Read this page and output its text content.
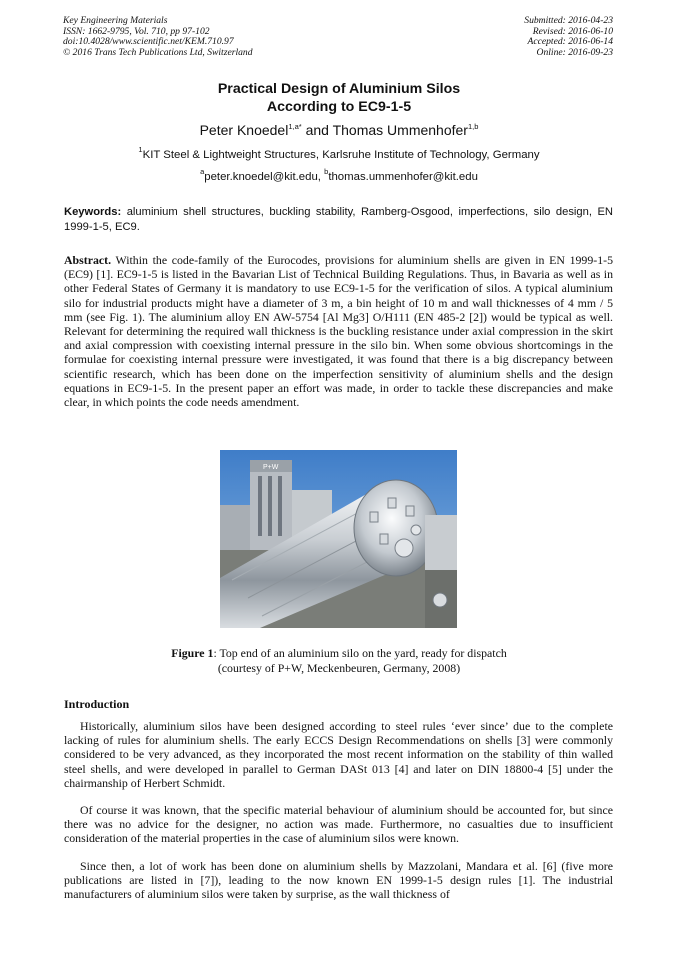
Key Engineering Materials
ISSN: 1662-9795, Vol. 710, pp 97-102
doi:10.4028/www.scientific.net/KEM.710.97
© 2016 Trans Tech Publications Ltd, Switzerland
Submitted: 2016-04-23
Revised: 2016-06-10
Accepted: 2016-06-14
Online: 2016-09-23
Practical Design of Aluminium Silos
According to EC9-1-5
Peter Knoedel$^{1,a*}$ and Thomas Ummenhofer$^{1,b}$
$^1$KIT Steel & Lightweight Structures, Karlsruhe Institute of Technology, Germany
$^a$peter.knoedel@kit.edu, $^b$thomas.ummenhofer@kit.edu
Keywords: aluminium shell structures, buckling stability, Ramberg-Osgood, imperfections, silo design, EN 1999-1-5, EC9.
Abstract. Within the code-family of the Eurocodes, provisions for aluminium shells are given in EN 1999-1-5 (EC9) [1]. EC9-1-5 is listed in the Bavarian List of Technical Building Regulations. Thus, in Bavaria as well as in other Federal States of Germany it is mandatory to use EC9-1-5 for the verification of silos. A typical aluminium silo for industrial products might have a diameter of 3 m, a bin height of 10 m and wall thicknesses of 4 mm / 5 mm (see Fig. 1). The aluminium alloy EN AW-5754 [Al Mg3] O/H111 (EN 485-2 [2]) would be typical as well. Relevant for determining the required wall thickness is the buckling resistance under axial compression in the skirt and axial compression with coexisting internal pressure in the silo bin. When some obvious shortcomings in the formulae for coexisting internal pressure were investigated, it was found that there is a big discrepancy between scientific research, which has been done on the imperfection sensitivity of aluminium shells and the design equations in EC9-1-5. In the present paper an effort was made, in order to tackle these discrepancies and make clear, in which points the code needs amendment.
P+W
Figure 1: Top end of an aluminium silo on the yard, ready for dispatch
(courtesy of P+W, Meckenbeuren, Germany, 2008)
Introduction
Historically, aluminium silos have been designed according to steel rules ‘ever since’ due to the complete lacking of rules for aluminium shells. The early ECCS Design Recommendations on shells [3] were commonly considered to be very advanced, as they incorporated the most recent information on the stability of thin walled steel shells, and were developed in parallel to German DASt 013 [4] and later on DIN 18800-4 [5] under the chairmanship of Herbert Schmidt.
Of course it was known, that the specific material behaviour of aluminium should be accounted for, but since there was no advice for the designer, no action was made. Furthermore, no casualties due to insufficient consideration of the material properties in the case of aluminium silos were known.
Since then, a lot of work has been done on aluminium shells by Mazzolani, Mandara et al. [6] (five more publications are listed in [7]), leading to the now known EN 1999-1-5 design rules [1]. The industrial manufacturers of aluminium silos were taken by surprise, as the wall thickness of
